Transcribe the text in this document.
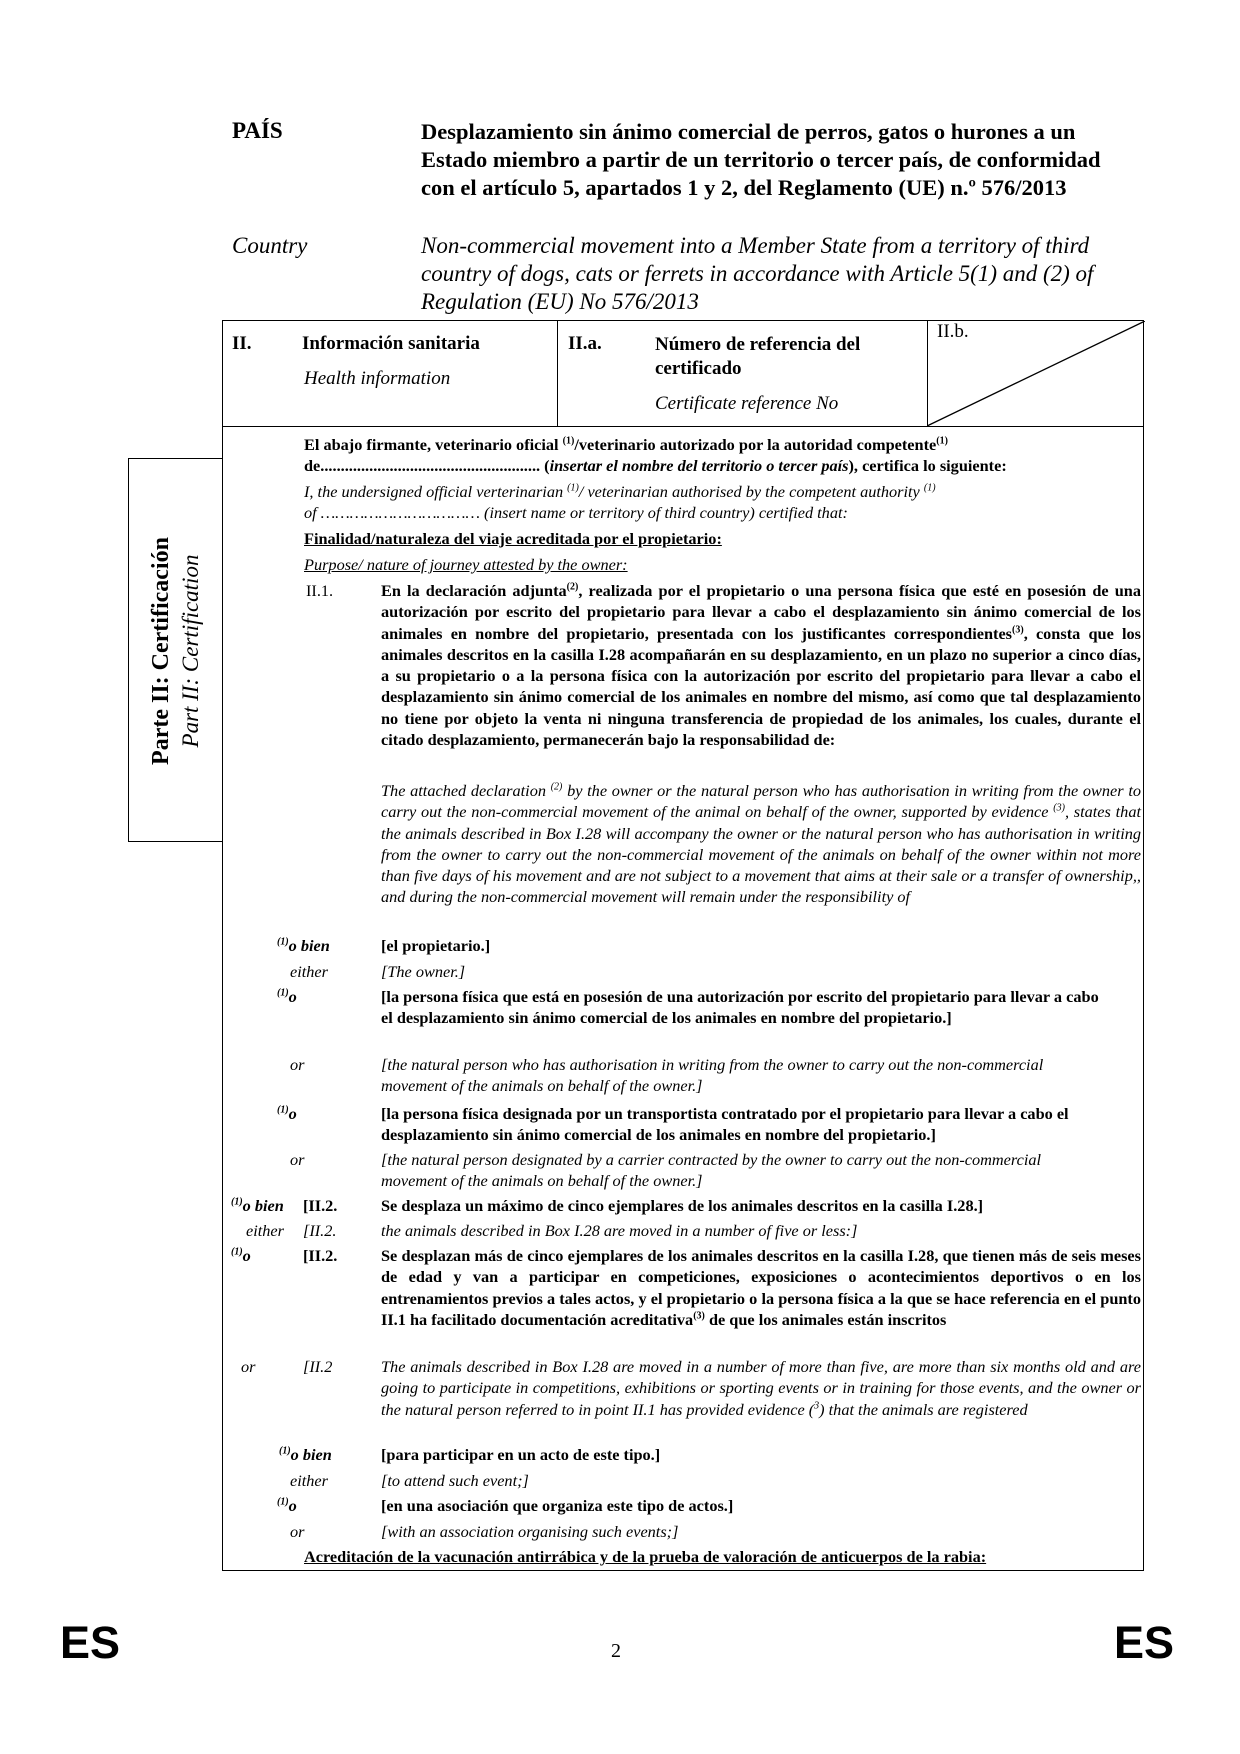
PAÍS
Country
Desplazamiento sin ánimo comercial de perros, gatos o hurones a un Estado miembro a partir de un territorio o tercer país, de conformidad con el artículo 5, apartados 1 y 2, del Reglamento (UE) n.º 576/2013
Non-commercial movement into a Member State from a territory of third country of dogs, cats or ferrets in accordance with Article 5(1) and (2) of Regulation (EU) No 576/2013
II.	Información sanitaria
Health information
II.a.	Número de referencia del certificado
Certificate reference No
II.b.
Parte II: Certificación Part II: Certification
El abajo firmante, veterinario oficial $^{(1)}$/veterinario autorizado por la autoridad competente$^{(1)}$
de...................................................... (insertar el nombre del territorio o tercer país), certifica lo siguiente:
I, the undersigned official verterinarian $^{(1)}$/ veterinarian authorised by the competent authority $^{(1)}$
of …………………………… (insert name or territory of third country) certified that:
Finalidad/naturaleza del viaje acreditada por el propietario:
Purpose/ nature of journey attested by the owner:
II.1.	En la declaración adjunta$^{(2)}$, realizada por el propietario o una persona física que esté en posesión de una autorización por escrito del propietario para llevar a cabo el desplazamiento sin ánimo comercial de los animales en nombre del propietario, presentada con los justificantes correspondientes$^{(3)}$, consta que los animales descritos en la casilla I.28 acompañarán en su desplazamiento, en un plazo no superior a cinco días, a su propietario o a la persona física con la autorización por escrito del propietario para llevar a cabo el desplazamiento sin ánimo comercial de los animales en nombre del mismo, así como que tal desplazamiento no tiene por objeto la venta ni ninguna transferencia de propiedad de los animales, los cuales, durante el citado desplazamiento, permanecerán bajo la responsabilidad de:
The attached declaration $^{(2)}$ by the owner or the natural person who has authorisation in writing from the owner to carry out the non-commercial movement of the animal on behalf of the owner, supported by evidence $^{(3)}$, states that the animals described in Box I.28 will accompany the owner or the natural person who has authorisation in writing from the owner to carry out the non-commercial movement of the animals on behalf of the owner within not more than five days of his movement and are not subject to a movement that aims at their sale or a transfer of ownership,, and during the non-commercial movement will remain under the responsibility of
$^{(1)}$o bien	[el propietario.]
either	[The owner.]
$^{(1)}$o	[la persona física que está en posesión de una autorización por escrito del propietario para llevar a cabo el desplazamiento sin ánimo comercial de los animales en nombre del propietario.]
or	[the natural person who has authorisation in writing from the owner to carry out the non-commercial movement of the animals on behalf of the owner.]
$^{(1)}$o	[la persona física designada por un transportista contratado por el propietario para llevar a cabo el desplazamiento sin ánimo comercial de los animales en nombre del propietario.]
or	[the natural person designated by a carrier contracted by the owner to carry out the non-commercial movement of the animals on behalf of the owner.]
$^{(1)}$o bien [II.2.	Se desplaza un máximo de cinco ejemplares de los animales descritos en la casilla I.28.]
either [II.2.	the animals described in Box I.28 are moved in a number of five or less:]
$^{(1)}$o	[II.2.	Se desplazan más de cinco ejemplares de los animales descritos en la casilla I.28, que tienen más de seis meses de edad y van a participar en competiciones, exposiciones o acontecimientos deportivos o en los entrenamientos previos a tales actos, y el propietario o la persona física a la que se hace referencia en el punto II.1 ha facilitado documentación acreditativa$^{(3)}$ de que los animales están inscritos
or	[II.2	The animals described in Box I.28 are moved in a number of more than five, are more than six months old and are going to participate in competitions, exhibitions or sporting events or in training for those events, and the owner or the natural person referred to in point II.1 has provided evidence ($^3$) that the animals are registered
$^{(1)}$o bien	[para participar en un acto de este tipo.]
either	[to attend such event;]
$^{(1)}$o	[en una asociación que organiza este tipo de actos.]
or	[with an association organising such events;]
Acreditación de la vacunación antirrábica y de la prueba de valoración de anticuerpos de la rabia:
ES	2	ES
